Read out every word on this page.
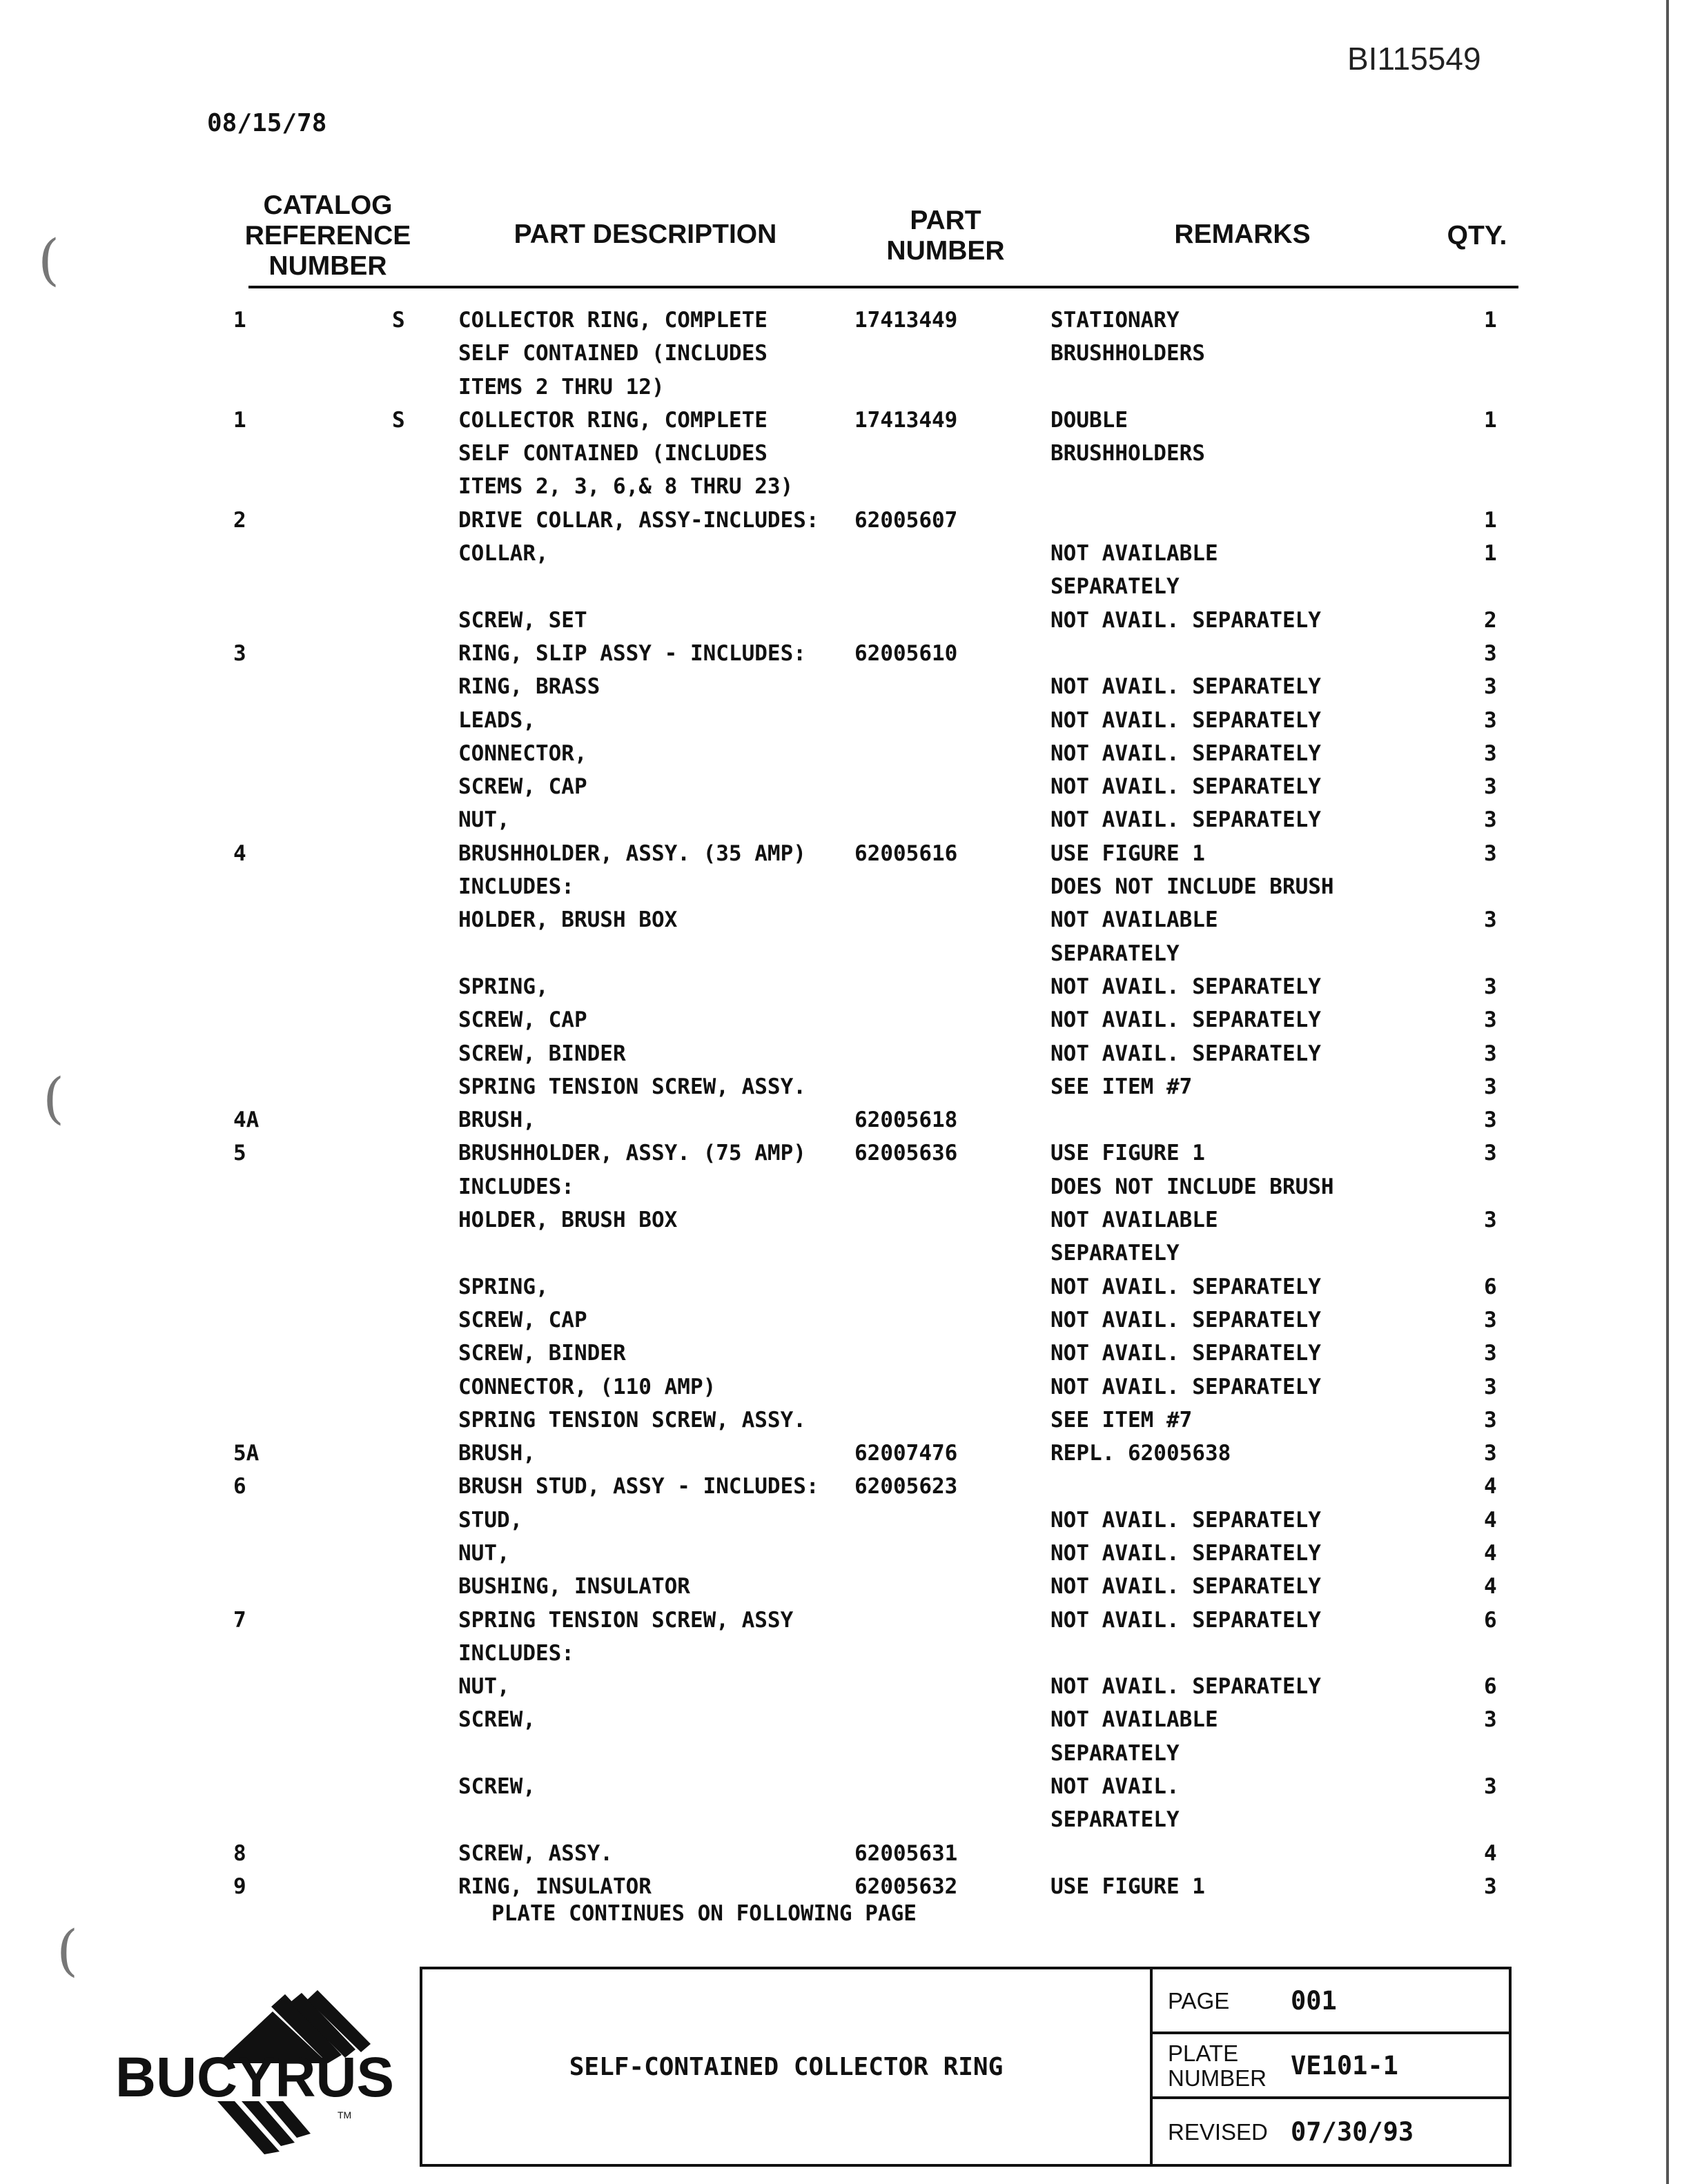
BI115549
08/15/78
CATALOG
REFERENCE
NUMBER
PART DESCRIPTION	PART
NUMBER
REMARKS	QTY.
1	S COLLECTOR RING, COMPLETE	17413449	STATIONARY	1
SELF CONTAINED (INCLUDES	BRUSHHOLDERS
ITEMS 2 THRU 12)
1	S COLLECTOR RING, COMPLETE	17413449	DOUBLE	1
SELF CONTAINED (INCLUDES	BRUSHHOLDERS
ITEMS 2, 3, 6,& 8 THRU 23)
2	DRIVE COLLAR, ASSY-INCLUDES: 62005607	1
COLLAR,	NOT AVAILABLE	1
SEPARATELY
SCREW, SET	NOT AVAIL. SEPARATELY	2
3	RING, SLIP ASSY - INCLUDES: 62005610	3
RING, BRASS	NOT AVAIL. SEPARATELY	3
LEADS,	NOT AVAIL. SEPARATELY	3
CONNECTOR,	NOT AVAIL. SEPARATELY	3
SCREW, CAP	NOT AVAIL. SEPARATELY	3
NUT,	NOT AVAIL. SEPARATELY	3
4	BRUSHHOLDER, ASSY. (35 AMP) 62005616	USE FIGURE 1	3
INCLUDES:	DOES NOT INCLUDE BRUSH
HOLDER, BRUSH BOX	NOT AVAILABLE	3
SEPARATELY
SPRING,	NOT AVAIL. SEPARATELY	3
SCREW, CAP	NOT AVAIL. SEPARATELY	3
SCREW, BINDER	NOT AVAIL. SEPARATELY	3
SPRING TENSION SCREW, ASSY.	SEE ITEM #7	3
4A	BRUSH,	62005618	3
5	BRUSHHOLDER, ASSY. (75 AMP) 62005636	USE FIGURE 1	3
INCLUDES:	DOES NOT INCLUDE BRUSH
HOLDER, BRUSH BOX	NOT AVAILABLE	3
SEPARATELY
SPRING,	NOT AVAIL. SEPARATELY	6
SCREW, CAP	NOT AVAIL. SEPARATELY	3
SCREW, BINDER	NOT AVAIL. SEPARATELY	3
CONNECTOR, (110 AMP)	NOT AVAIL. SEPARATELY	3
SPRING TENSION SCREW, ASSY.	SEE ITEM #7	3
5A	BRUSH,	62007476	REPL. 62005638	3
6	BRUSH STUD, ASSY - INCLUDES: 62005623	4
STUD,	NOT AVAIL. SEPARATELY	4
NUT,	NOT AVAIL. SEPARATELY	4
BUSHING, INSULATOR	NOT AVAIL. SEPARATELY	4
7	SPRING TENSION SCREW, ASSY	NOT AVAIL. SEPARATELY	6
INCLUDES:
NUT,	NOT AVAIL. SEPARATELY	6
SCREW,	NOT AVAILABLE	3
SEPARATELY
SCREW,	NOT AVAIL.	3
SEPARATELY
8	SCREW, ASSY.	62005631	4
9	RING, INSULATOR	62005632	USE FIGURE 1	3
PLATE CONTINUES ON FOLLOWING PAGE
(
(
(
BUCYRUS
TM
SELF-CONTAINED COLLECTOR RING
PAGE 001
PLATE
NUMBER VE101-1
REVISED 07/30/93
